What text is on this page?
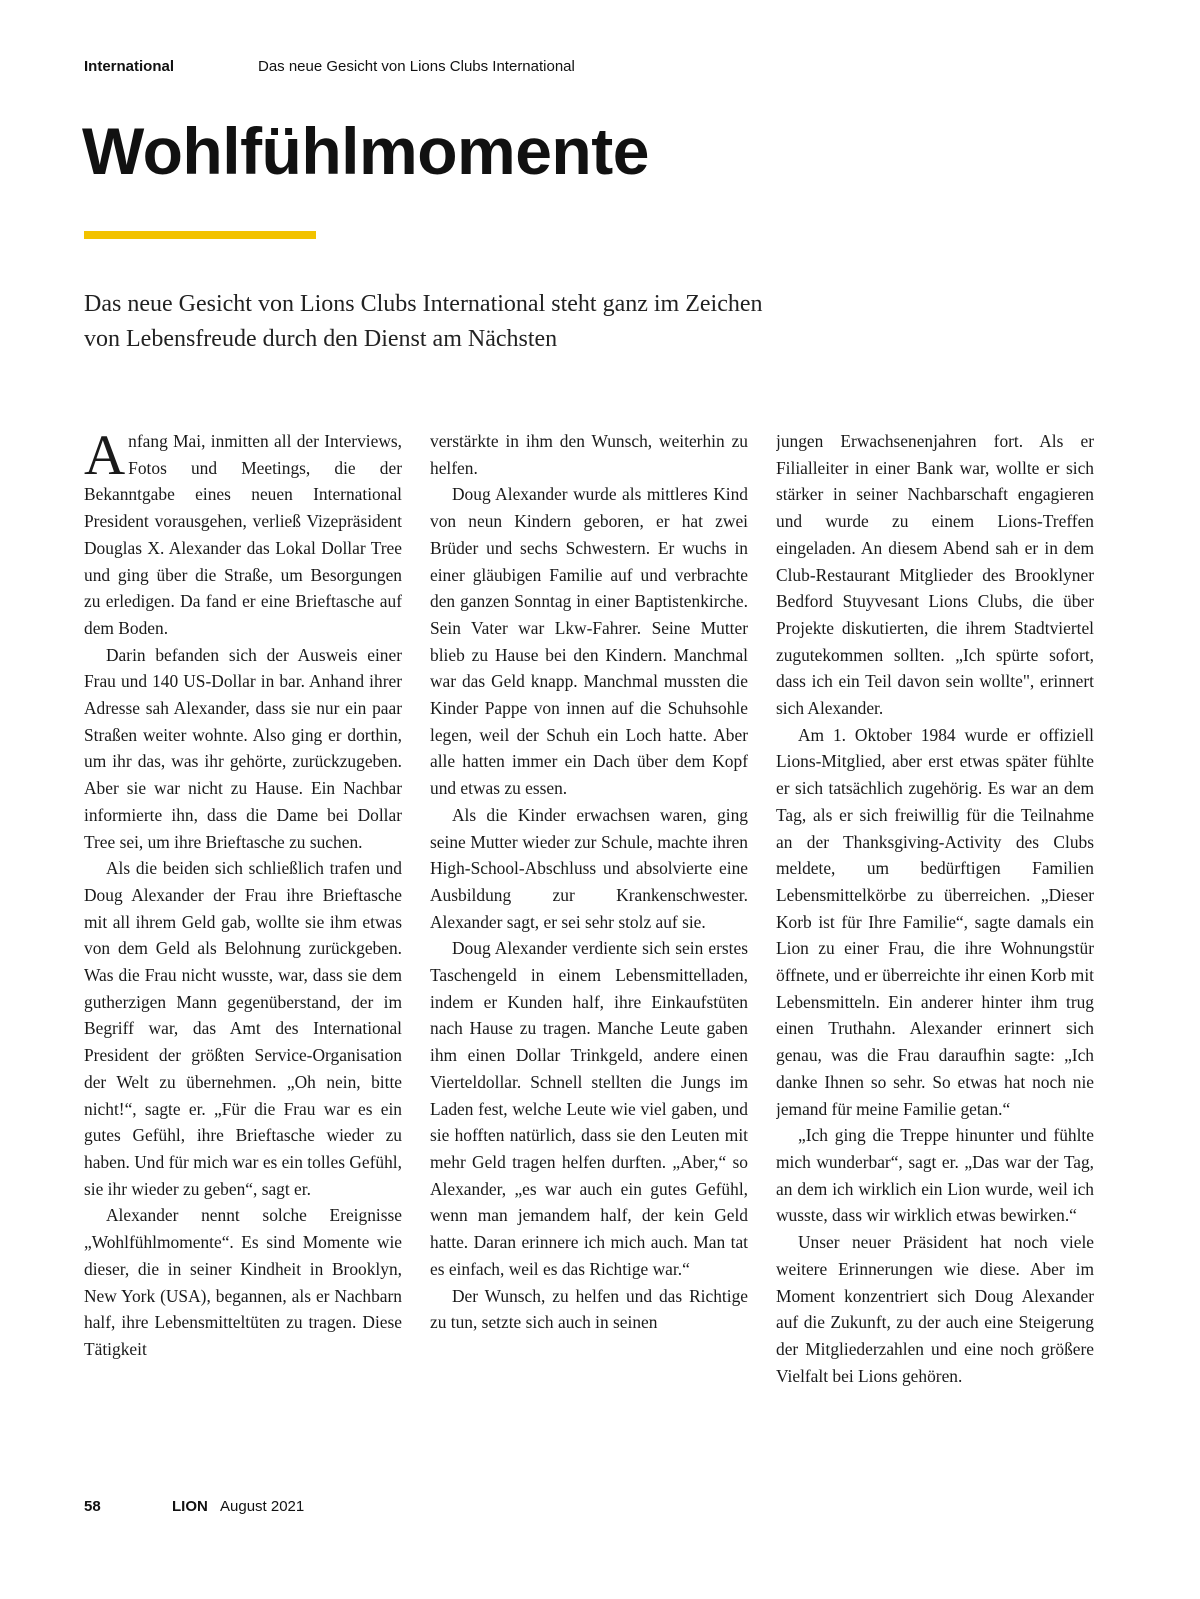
International	Das neue Gesicht von Lions Clubs International
Wohlfühlmomente

Das neue Gesicht von Lions Clubs International steht ganz im Zeichen von Lebensfreude durch den Dienst am Nächsten

Anfang Mai, inmitten all der Interviews, Fotos und Meetings, die der Bekanntgabe eines neuen International President vorausgehen, verließ Vizepräsident Douglas X. Alexander das Lokal Dollar Tree und ging über die Straße, um Besorgungen zu erledigen. Da fand er eine Brieftasche auf dem Boden.

Darin befanden sich der Ausweis einer Frau und 140 US-Dollar in bar. Anhand ihrer Adresse sah Alexander, dass sie nur ein paar Straßen weiter wohnte. Also ging er dorthin, um ihr das, was ihr gehörte, zurückzugeben. Aber sie war nicht zu Hause. Ein Nachbar informierte ihn, dass die Dame bei Dollar Tree sei, um ihre Brieftasche zu suchen.

Als die beiden sich schließlich trafen und Doug Alexander der Frau ihre Brieftasche mit all ihrem Geld gab, wollte sie ihm etwas von dem Geld als Belohnung zurückgeben. Was die Frau nicht wusste, war, dass sie dem gutherzigen Mann gegenüberstand, der im Begriff war, das Amt des International President der größten Service-Organisation der Welt zu übernehmen. „Oh nein, bitte nicht!“, sagte er. „Für die Frau war es ein gutes Gefühl, ihre Brieftasche wieder zu haben. Und für mich war es ein tolles Gefühl, sie ihr wieder zu geben“, sagt er.

Alexander nennt solche Ereignisse „Wohlfühlmomente“. Es sind Momente wie dieser, die in seiner Kindheit in Brooklyn, New York (USA), begannen, als er Nachbarn half, ihre Lebensmitteltüten zu tragen. Diese Tätigkeit

verstärkte in ihm den Wunsch, weiterhin zu helfen.

Doug Alexander wurde als mittleres Kind von neun Kindern geboren, er hat zwei Brüder und sechs Schwestern. Er wuchs in einer gläubigen Familie auf und verbrachte den ganzen Sonntag in einer Baptistenkirche. Sein Vater war Lkw-Fahrer. Seine Mutter blieb zu Hause bei den Kindern. Manchmal war das Geld knapp. Manchmal mussten die Kinder Pappe von innen auf die Schuhsohle legen, weil der Schuh ein Loch hatte. Aber alle hatten immer ein Dach über dem Kopf und etwas zu essen.

Als die Kinder erwachsen waren, ging seine Mutter wieder zur Schule, machte ihren High-School-Abschluss und absolvierte eine Ausbildung zur Krankenschwester. Alexander sagt, er sei sehr stolz auf sie.

Doug Alexander verdiente sich sein erstes Taschengeld in einem Lebensmittelladen, indem er Kunden half, ihre Einkaufstüten nach Hause zu tragen. Manche Leute gaben ihm einen Dollar Trinkgeld, andere einen Vierteldollar. Schnell stellten die Jungs im Laden fest, welche Leute wie viel gaben, und sie hofften natürlich, dass sie den Leuten mit mehr Geld tragen helfen durften. „Aber,“ so Alexander, „es war auch ein gutes Gefühl, wenn man jemandem half, der kein Geld hatte. Daran erinnere ich mich auch. Man tat es einfach, weil es das Richtige war.“

Der Wunsch, zu helfen und das Richtige zu tun, setzte sich auch in seinen

jungen Erwachsenenjahren fort. Als er Filialleiter in einer Bank war, wollte er sich stärker in seiner Nachbarschaft engagieren und wurde zu einem Lions-Treffen eingeladen. An diesem Abend sah er in dem Club-Restaurant Mitglieder des Brooklyner Bedford Stuyvesant Lions Clubs, die über Projekte diskutierten, die ihrem Stadtviertel zugutekommen sollten. „Ich spürte sofort, dass ich ein Teil davon sein wollte", erinnert sich Alexander.

Am 1. Oktober 1984 wurde er offiziell Lions-Mitglied, aber erst etwas später fühlte er sich tatsächlich zugehörig. Es war an dem Tag, als er sich freiwillig für die Teilnahme an der Thanksgiving-Activity des Clubs meldete, um bedürftigen Familien Lebensmittelkörbe zu überreichen. „Dieser Korb ist für Ihre Familie“, sagte damals ein Lion zu einer Frau, die ihre Wohnungstür öffnete, und er überreichte ihr einen Korb mit Lebensmitteln. Ein anderer hinter ihm trug einen Truthahn. Alexander erinnert sich genau, was die Frau daraufhin sagte: „Ich danke Ihnen so sehr. So etwas hat noch nie jemand für meine Familie getan.“

„Ich ging die Treppe hinunter und fühlte mich wunderbar“, sagt er. „Das war der Tag, an dem ich wirklich ein Lion wurde, weil ich wusste, dass wir wirklich etwas bewirken.“

Unser neuer Präsident hat noch viele weitere Erinnerungen wie diese. Aber im Moment konzentriert sich Doug Alexander auf die Zukunft, zu der auch eine Steigerung der Mitgliederzahlen und eine noch größere Vielfalt bei Lions gehören.

58	LION August 2021
